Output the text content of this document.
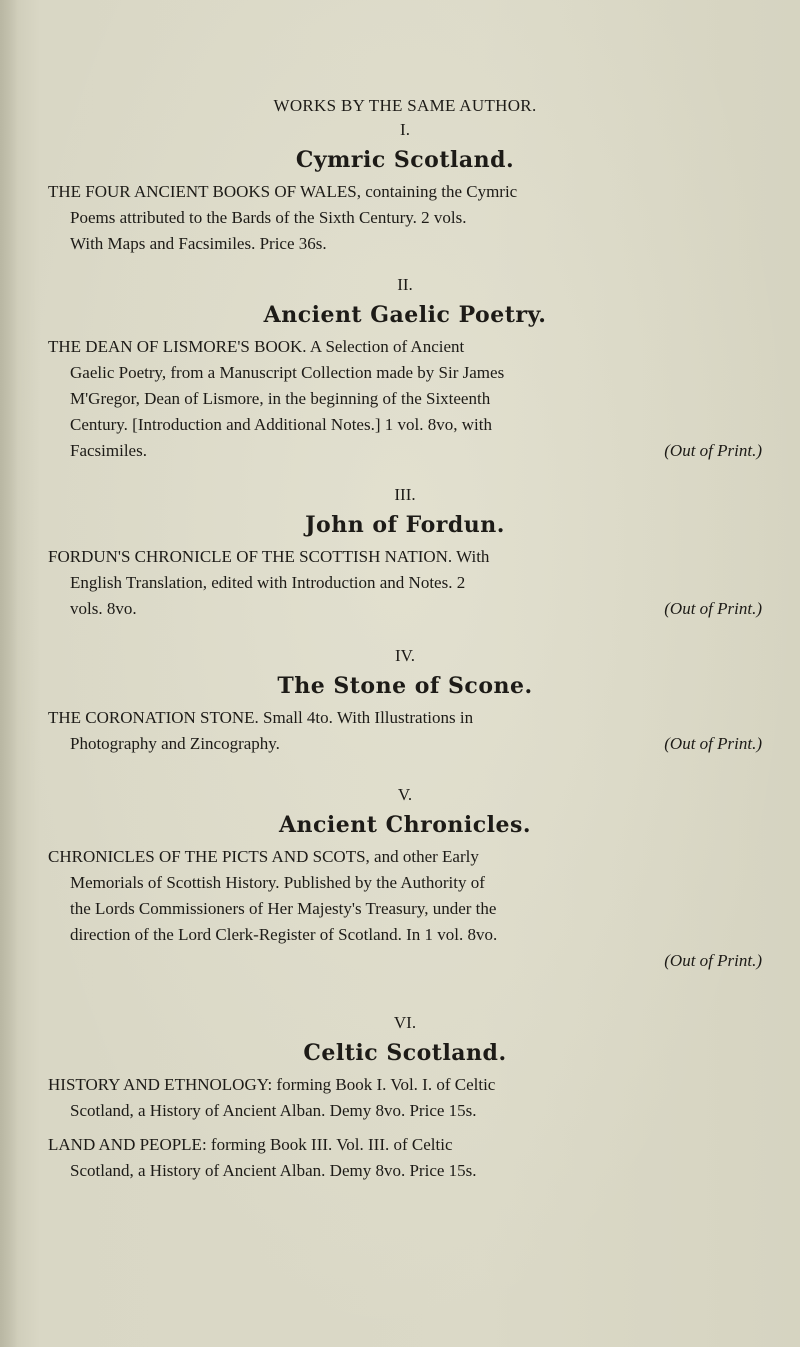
WORKS BY THE SAME AUTHOR.
I.
Cymric Scotland.
THE FOUR ANCIENT BOOKS OF WALES, containing the Cymric
Poems attributed to the Bards of the Sixth Century. 2 vols.
With Maps and Facsimiles. Price 36s.
II.
Ancient Gaelic Poetry.
THE DEAN OF LISMORE'S BOOK. A Selection of Ancient
Gaelic Poetry, from a Manuscript Collection made by Sir James
M'Gregor, Dean of Lismore, in the beginning of the Sixteenth
Century. [Introduction and Additional Notes.] 1 vol. 8vo, with
Facsimiles.	(Out of Print.)
III.
John of Fordun.
FORDUN'S CHRONICLE OF THE SCOTTISH NATION. With
English Translation, edited with Introduction and Notes. 2
vols. 8vo.	(Out of Print.)
IV.
The Stone of Scone.
THE CORONATION STONE. Small 4to. With Illustrations in
Photography and Zincography.	(Out of Print.)
V.
Ancient Chronicles.
CHRONICLES OF THE PICTS AND SCOTS, and other Early
Memorials of Scottish History. Published by the Authority of
the Lords Commissioners of Her Majesty's Treasury, under the
direction of the Lord Clerk-Register of Scotland. In 1 vol. 8vo.
(Out of Print.)
VI.
Celtic Scotland.
HISTORY AND ETHNOLOGY: forming Book I. Vol. I. of Celtic
Scotland, a History of Ancient Alban. Demy 8vo. Price 15s.
LAND AND PEOPLE: forming Book III. Vol. III. of Celtic
Scotland, a History of Ancient Alban. Demy 8vo. Price 15s.
